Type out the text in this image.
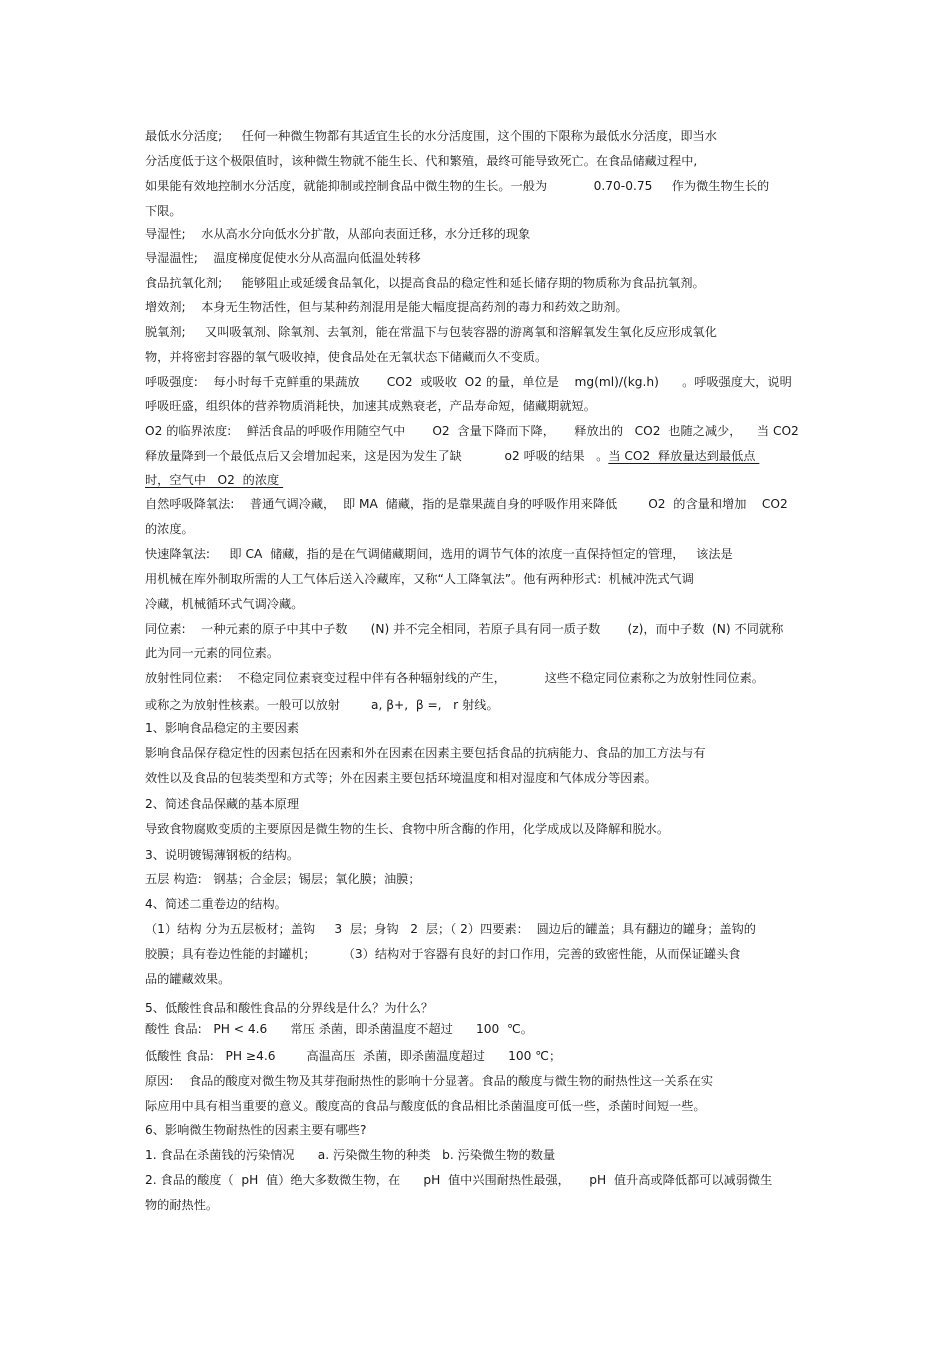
最低水分活度;     任何一种微生物都有其适宜生长的水分活度围，这个围的下限称为最低水分活度，即当水
分活度低于这个极限值时，该种微生物就不能生长、代和繁殖，最终可能导致死亡。在食品储藏过程中,
如果能有效地控制水分活度，就能抑制或控制食品中微生物的生长。一般为            0.70-0.75     作为微生物生长的
下限。
导湿性;    水从高水分向低水分扩散，从部向表面迁移，水分迁移的现象
导湿温性;    温度梯度促使水分从高温向低温处转移
食品抗氧化剂;     能够阻止或延缓食品氧化，以提高食品的稳定性和延长储存期的物质称为食品抗氧剂。
增效剂;    本身无生物活性，但与某种药剂混用是能大幅度提高药剂的毒力和药效之助剂。
脱氧剂;     又叫吸氧剂、除氧剂、去氧剂，能在常温下与包装容器的游离氧和溶解氧发生氧化反应形成氧化
物，并将密封容器的氧气吸收掉，使食品处在无氧状态下储藏而久不变质。
呼吸强度:    每小时每千克鲜重的果蔬放       CO2  或吸收  O2 的量，单位是    mg(ml)/(kg.h)      。呼吸强度大，说明
呼吸旺盛，组织体的营养物质消耗快，加速其成熟衰老，产品寿命短，储藏期就短。
O2 的临界浓度:    鲜活食品的呼吸作用随空气中       O2  含量下降而下降，     释放出的   CO2  也随之减少，    当 CO2
释放量降到一个最低点后又会增加起来，这是因为发生了缺           o2 呼吸的结果   。当 CO2  释放量达到最低点
时，空气中   O2  的浓度
自然呼吸降氧法:    普通气调冷藏，  即 MA  储藏，指的是靠果蔬自身的呼吸作用来降低        O2  的含量和增加    CO2
的浓度。
快速降氧法:     即 CA  储藏，指的是在气调储藏期间，选用的调节气体的浓度一直保持恒定的管理，   该法是
用机械在库外制取所需的人工气体后送入冷藏库，又称“人工降氧法”。他有两种形式：机械冲洗式气调
冷藏，机械循环式气调冷藏。
同位素:    一种元素的原子中其中子数      (N) 并不完全相同，若原子具有同一质子数       (z)，而中子数  (N) 不同就称
此为同一元素的同位素。
放射性同位素:    不稳定同位素衰变过程中伴有各种辐射线的产生，          这些不稳定同位素称之为放射性同位素。
或称之为放射性核素。一般可以放射        a, β+,  β =,   r 射线。
1、影响食品稳定的主要因素
影响食品保存稳定性的因素包括在因素和外在因素在因素主要包括食品的抗病能力、食品的加工方法与有
效性以及食品的包装类型和方式等；外在因素主要包括环境温度和相对湿度和气体成分等因素。
2、简述食品保藏的基本原理
导致食物腐败变质的主要原因是微生物的生长、食物中所含酶的作用，化学成成以及降解和脱水。
3、说明镀锡薄钢板的结构。
五层 构造:   钢基；合金层；锡层；氧化膜；油膜；
4、简述二重卷边的结构。
（1）结构 分为五层板材；盖钩     3  层；身钩   2  层；（ 2）四要素：  圆边后的罐盖；具有翻边的罐身；盖钩的
胶膜；具有卷边性能的封罐机；       （3）结构对于容器有良好的封口作用，完善的致密性能，从而保证罐头食
品的罐藏效果。
5、低酸性食品和酸性食品的分界线是什么？为什么？
酸性 食品:   PH < 4.6      常压 杀菌，即杀菌温度不超过      100  ℃。
低酸性 食品:   PH ≥4.6        高温高压  杀菌，即杀菌温度超过      100 ℃；
原因:    食品的酸度对微生物及其芽孢耐热性的影响十分显著。食品的酸度与微生物的耐热性这一关系在实
际应用中具有相当重要的意义。酸度高的食品与酸度低的食品相比杀菌温度可低一些，杀菌时间短一些。
6、影响微生物耐热性的因素主要有哪些?
1. 食品在杀菌钱的污染情况      a. 污染微生物的种类   b. 污染微生物的数量
2. 食品的酸度（  pH  值）绝大多数微生物，在      pH  值中兴围耐热性最强，     pH  值升高或降低都可以减弱微生
物的耐热性。
